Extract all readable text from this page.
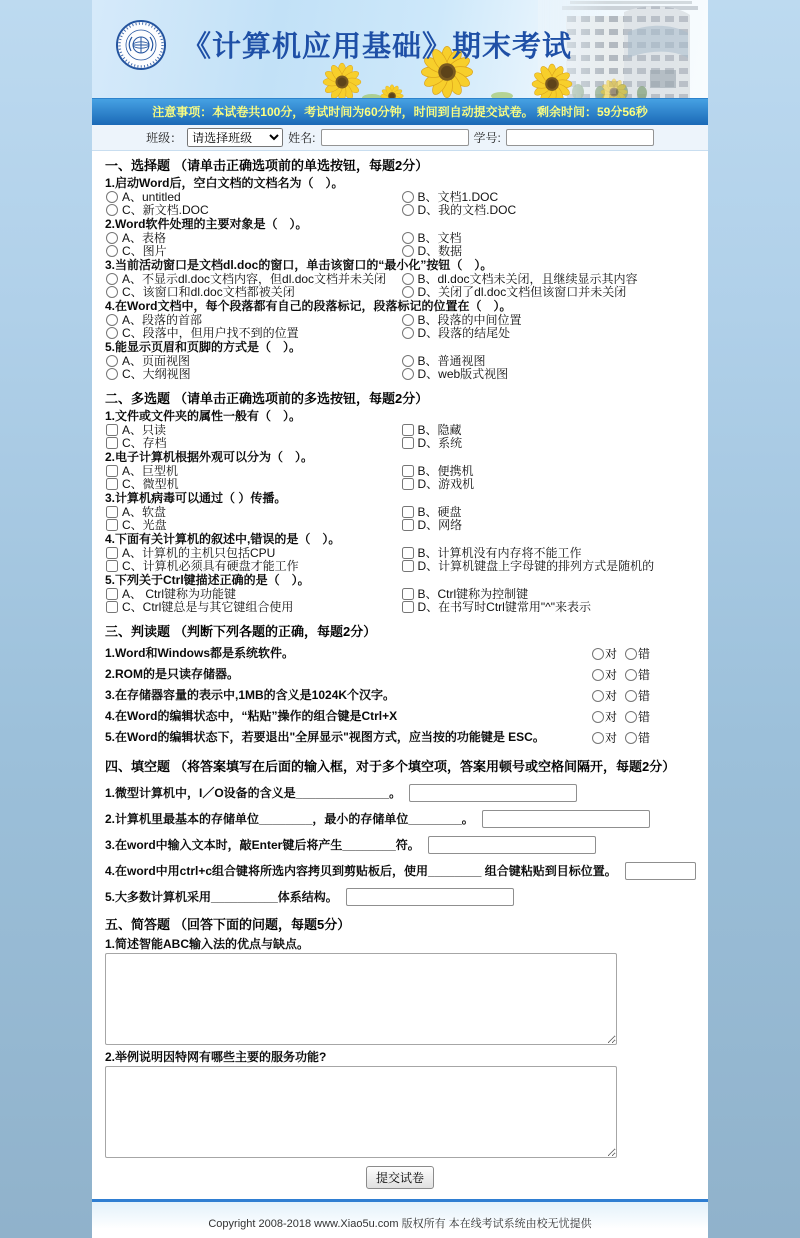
《计算机应用基础》期末考试
注意事项：本试卷共100分，考试时间为60分钟，时间到自动提交试卷。 剩余时间：59分56秒
班级：
请选择班级	姓名:	学号:
一、选择题 （请单击正确选项前的单选按钮，每题2分）
1.启动Word后，空白文档的文档名为（　）。
A、untitled	B、文档1.DOC
C、新文档.DOC	D、我的文档.DOC
2.Word软件处理的主要对象是（　）。
A、表格	B、文档
C、图片	D、数据
3.当前活动窗口是文档dl.doc的窗口，单击该窗口的“最小化”按钮（　）。
A、不显示dl.doc文档内容，但dl.doc文档并未关闭	B、dl.doc文档未关闭，且继续显示其内容
C、该窗口和dl.doc文档都被关闭	D、关闭了dl.doc文档但该窗口并未关闭
4.在Word文档中，每个段落都有自己的段落标记，段落标记的位置在（　）。
A、段落的首部	B、段落的中间位置
C、段落中，但用户找不到的位置	D、段落的结尾处
5.能显示页眉和页脚的方式是（　）。
A、页面视图	B、普通视图
C、大纲视图	D、web版式视图
二、多选题 （请单击正确选项前的多选按钮，每题2分）
1.文件或文件夹的属性一般有（　）。
A、只读	B、隐藏
C、存档	D、系统
2.电子计算机根据外观可以分为（　）。
A、巨型机	B、便携机
C、微型机	D、游戏机
3.计算机病毒可以通过（ ）传播。
A、软盘	B、硬盘
C、光盘	D、网络
4.下面有关计算机的叙述中,错误的是（　）。
A、计算机的主机只包括CPU	B、计算机没有内存将不能工作
C、计算机必须具有硬盘才能工作	D、计算机键盘上字母键的排列方式是随机的
5.下列关于Ctrl键描述正确的是（　）。
A、 Ctrl键称为功能键	B、Ctrl键称为控制键
C、Ctrl键总是与其它键组合使用	D、在书写时Ctrl键常用"^"来表示
三、判读题 （判断下列各题的正确，每题2分）
1.Word和Windows都是系统软件。	对 错
2.ROM的是只读存储器。	对 错
3.在存储器容量的表示中,1MB的含义是1024K个汉字。	对 错
4.在Word的编辑状态中，“粘贴”操作的组合键是Ctrl+X	对 错
5.在Word的编辑状态下，若要退出"全屏显示"视图方式，应当按的功能键是 ESC。	对 错
四、填空题 （将答案填写在后面的输入框，对于多个填空项，答案用顿号或空格间隔开，每题2分）
1.微型计算机中，I／O设备的含义是______________。
2.计算机里最基本的存储单位________，最小的存储单位________。
3.在word中输入文本时，敲Enter键后将产生________符。
4.在word中用ctrl+c组合键将所选内容拷贝到剪贴板后，使用________ 组合键粘贴到目标位置。
5.大多数计算机采用__________体系结构。
五、简答题 （回答下面的问题，每题5分）
1.简述智能ABC输入法的优点与缺点。
2.举例说明因特网有哪些主要的服务功能?
提交试卷
Copyright 2008-2018 www.Xiao5u.com 版权所有 本在线考试系统由校无忧提供
